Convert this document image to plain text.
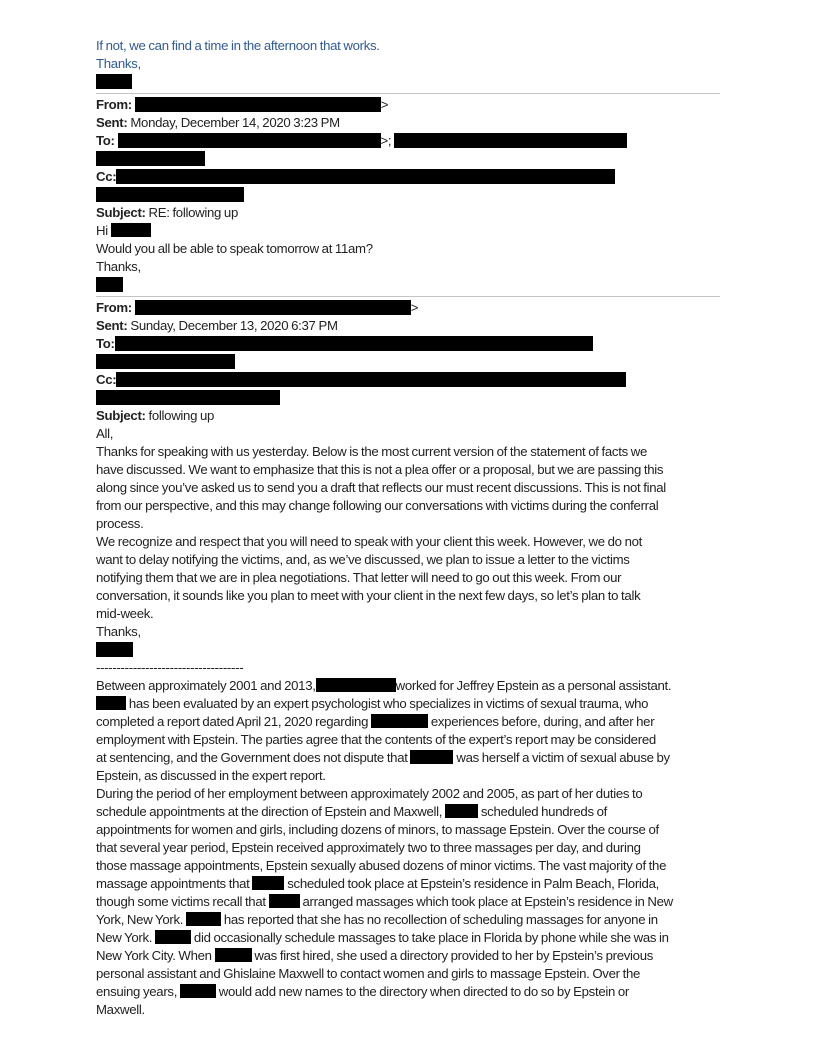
If not, we can find a time in the afternoon that works.
Thanks,
From:	>
Sent: Monday, December 14, 2020 3:23 PM
To:	>;
Cc:
Subject: RE: following up
Hi
Would you all be able to speak tomorrow at 11am?
Thanks,
From:	>
Sent: Sunday, December 13, 2020 6:37 PM
To:
Cc:
Subject: following up
All,
Thanks for speaking with us yesterday. Below is the most current version of the statement of facts we
have discussed. We want to emphasize that this is not a plea offer or a proposal, but we are passing this
along since you’ve asked us to send you a draft that reflects our must recent discussions. This is not final
from our perspective, and this may change following our conversations with victims during the conferral
process.
We recognize and respect that you will need to speak with your client this week. However, we do not
want to delay notifying the victims, and, as we’ve discussed, we plan to issue a letter to the victims
notifying them that we are in plea negotiations. That letter will need to go out this week. From our
conversation, it sounds like you plan to meet with your client in the next few days, so let’s plan to talk
mid-week.
Thanks,
------------------------------------
Between approximately 2001 and 2013,	worked for Jeffrey Epstein as a personal assistant.
has been evaluated by an expert psychologist who specializes in victims of sexual trauma, who
completed a report dated April 21, 2020 regarding	experiences before, during, and after her
employment with Epstein. The parties agree that the contents of the expert’s report may be considered
at sentencing, and the Government does not dispute that	was herself a victim of sexual abuse by
Epstein, as discussed in the expert report.
During the period of her employment between approximately 2002 and 2005, as part of her duties to
schedule appointments at the direction of Epstein and Maxwell,	scheduled hundreds of
appointments for women and girls, including dozens of minors, to massage Epstein. Over the course of
that several year period, Epstein received approximately two to three massages per day, and during
those massage appointments, Epstein sexually abused dozens of minor victims. The vast majority of the
massage appointments that  scheduled took place at Epstein’s residence in Palm Beach, Florida,
though some victims recall that  arranged massages which took place at Epstein’s residence in New
York, New York.	has reported that she has no recollection of scheduling massages for anyone in
New York.	did occasionally schedule massages to take place in Florida by phone while she was in
New York City. When	was first hired, she used a directory provided to her by Epstein’s previous
personal assistant and Ghislaine Maxwell to contact women and girls to massage Epstein. Over the
ensuing years,	would add new names to the directory when directed to do so by Epstein or
Maxwell.
